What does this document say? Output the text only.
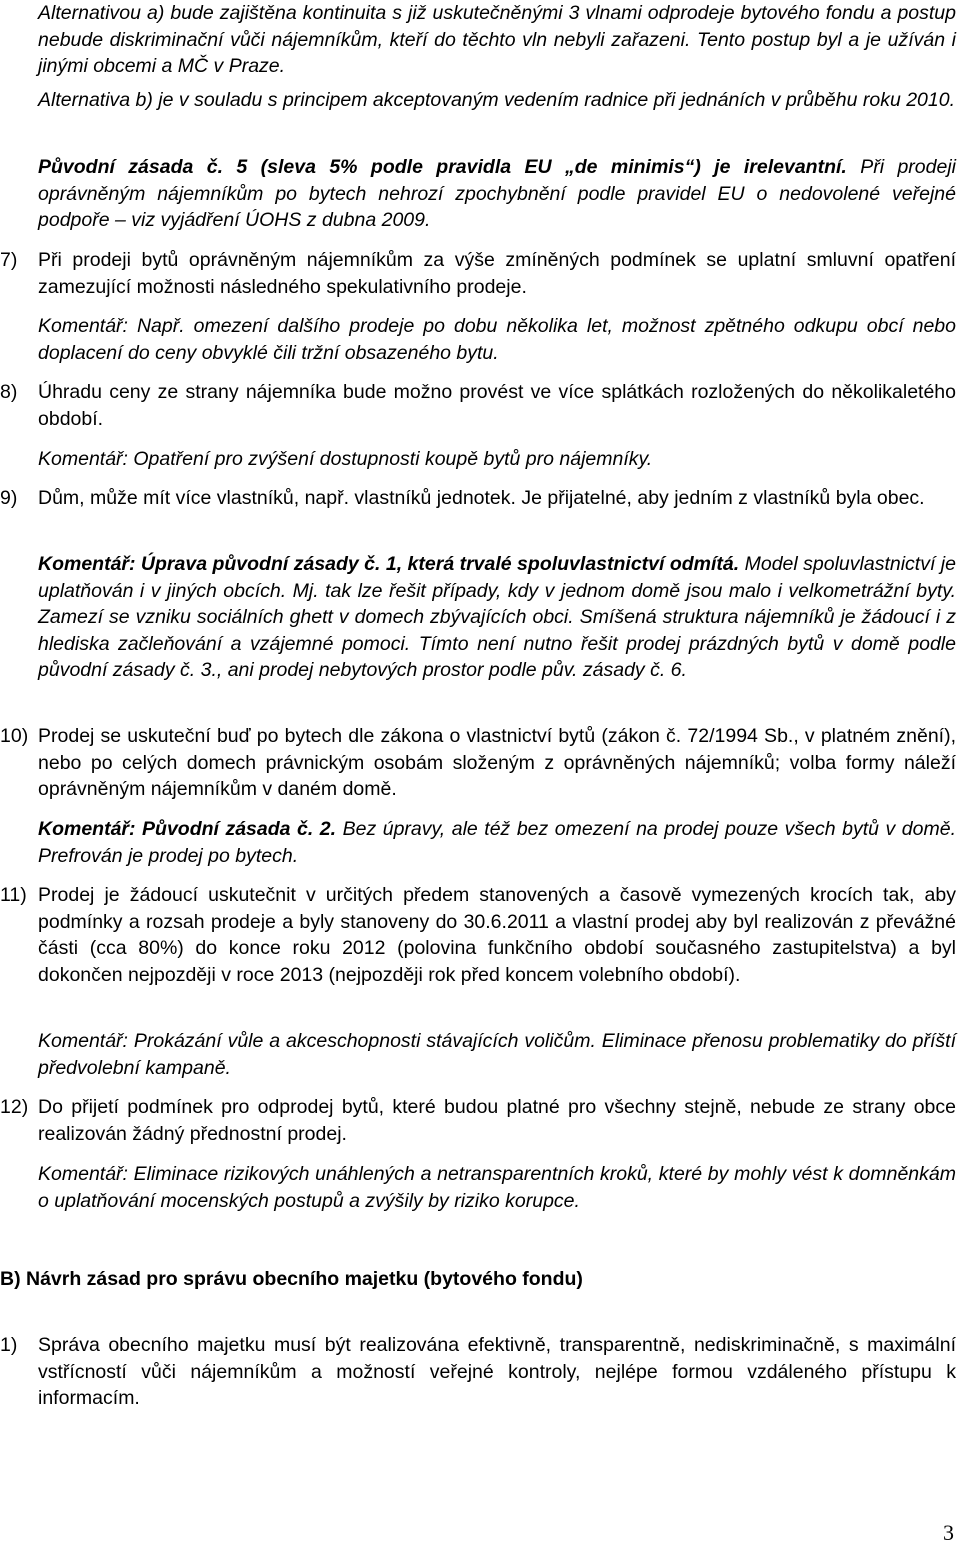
Alternativou a) bude zajištěna kontinuita s již uskutečněnými 3 vlnami odprodeje bytového fondu a postup nebude diskriminační vůči nájemníkům, kteří do těchto vln nebyli zařazeni. Tento postup byl a je užíván i jinými obcemi a MČ v Praze.

Alternativa b) je v souladu s principem akceptovaným vedením radnice při jednáních v průběhu roku 2010.

Původní zásada č. 5 (sleva 5% podle pravidla EU „de minimis“) je irelevantní. Při prodeji oprávněným nájemníkům po bytech nehrozí zpochybnění podle pravidel EU o nedovolené veřejné podpoře – viz vyjádření ÚOHS z dubna 2009.

7)	Při prodeji bytů oprávněným nájemníkům za výše zmíněných podmínek se uplatní smluvní opatření zamezující možnosti následného spekulativního prodeje.

Komentář: Např. omezení dalšího prodeje po dobu několika let, možnost zpětného odkupu obcí nebo doplacení do ceny obvyklé čili tržní obsazeného bytu.

8)	Úhradu ceny ze strany nájemníka bude možno provést ve více splátkách rozložených do několikaletého období.

Komentář: Opatření pro zvýšení dostupnosti koupě bytů pro nájemníky.

9)	Dům, může mít více vlastníků, např. vlastníků jednotek. Je přijatelné, aby jedním z vlastníků byla obec.

Komentář: Úprava původní zásady č. 1, která trvalé spoluvlastnictví odmítá. Model spoluvlastnictví je uplatňován i v jiných obcích. Mj. tak lze řešit případy, kdy v jednom domě jsou malo i velkometrážní byty. Zamezí se vzniku sociálních ghett v domech zbývajících obci. Smíšená struktura nájemníků je žádoucí i z hlediska začleňování a vzájemné pomoci. Tímto není nutno řešit prodej prázdných bytů v domě podle původní zásady č. 3., ani prodej nebytových prostor podle pův. zásady č. 6.

10) Prodej se uskuteční buď po bytech dle zákona o vlastnictví bytů (zákon č. 72/1994 Sb., v platném znění), nebo po celých domech právnickým osobám složeným z oprávněných nájemníků; volba formy náleží oprávněným nájemníkům v daném domě.

Komentář: Původní zásada č. 2. Bez úpravy, ale též bez omezení na prodej pouze všech bytů v domě. Prefrován je prodej po bytech.

11) Prodej je žádoucí uskutečnit v určitých předem stanovených a časově vymezených krocích tak, aby podmínky a rozsah prodeje a byly stanoveny do 30.6.2011 a vlastní prodej aby byl realizován z převážné části (cca 80%) do konce roku 2012 (polovina funkčního období současného zastupitelstva) a byl dokončen nejpozději v roce 2013 (nejpozději rok před koncem volebního období).

Komentář: Prokázání vůle a akceschopnosti stávajících voličům. Eliminace přenosu problematiky do příští předvolební kampaně.

12) Do přijetí podmínek pro odprodej bytů, které budou platné pro všechny stejně, nebude ze strany obce realizován žádný přednostní prodej.

Komentář: Eliminace rizikových unáhlených a netransparentních kroků, které by mohly vést k domněnkám o uplatňování mocenských postupů a zvýšily by riziko korupce.

B) Návrh zásad pro správu obecního majetku (bytového fondu)
1)	Správa obecního majetku musí být realizována efektivně, transparentně, nediskriminačně, s maximální vstřícností vůči nájemníkům a možností veřejné kontroly, nejlépe formou vzdáleného přístupu k informacím.
3
